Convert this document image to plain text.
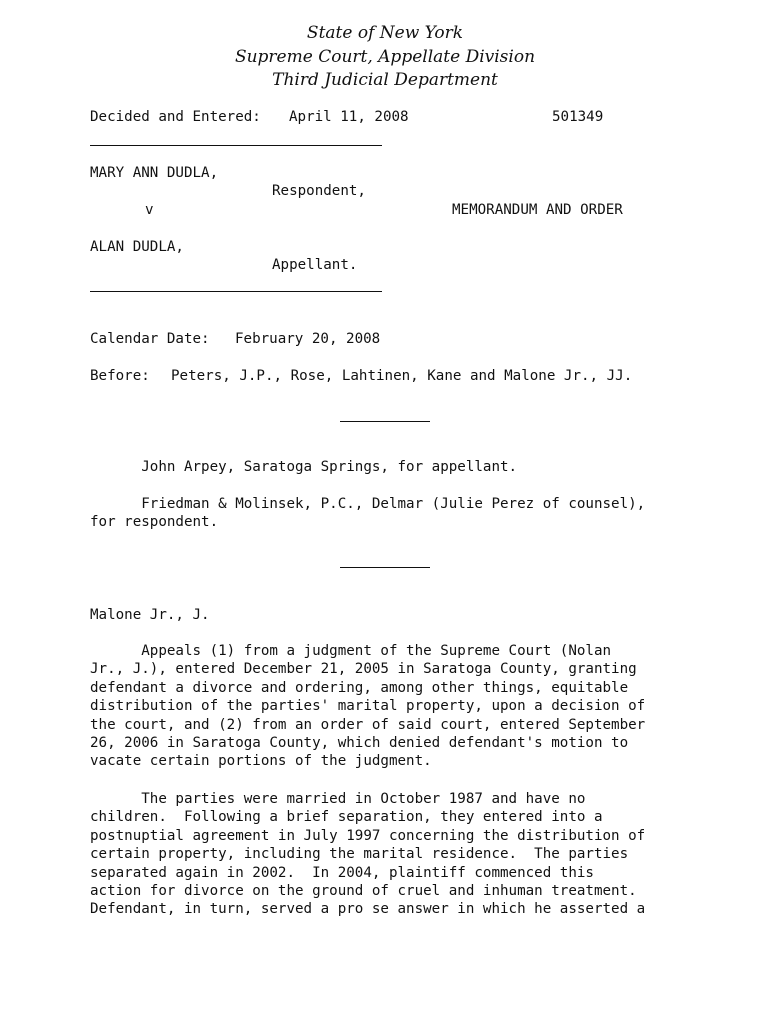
State of New York
Supreme Court, Appellate Division
Third Judicial Department
Decided and Entered: April 11, 2008	501349
MARY ANN DUDLA,
Respondent,
v	MEMORANDUM AND ORDER
ALAN DUDLA,
Appellant.
Calendar Date: February 20, 2008
Before: Peters, J.P., Rose, Lahtinen, Kane and Malone Jr., JJ.

John Arpey, Saratoga Springs, for appellant.

Friedman & Molinsek, P.C., Delmar (Julie Perez of counsel),
for respondent.

Malone Jr., J.

Appeals (1) from a judgment of the Supreme Court (Nolan
Jr., J.), entered December 21, 2005 in Saratoga County, granting
defendant a divorce and ordering, among other things, equitable
distribution of the parties' marital property, upon a decision of
the court, and (2) from an order of said court, entered September
26, 2006 in Saratoga County, which denied defendant's motion to
vacate certain portions of the judgment.

The parties were married in October 1987 and have no
children.  Following a brief separation, they entered into a
postnuptial agreement in July 1997 concerning the distribution of
certain property, including the marital residence.  The parties
separated again in 2002.  In 2004, plaintiff commenced this
action for divorce on the ground of cruel and inhuman treatment.
Defendant, in turn, served a pro se answer in which he asserted a
